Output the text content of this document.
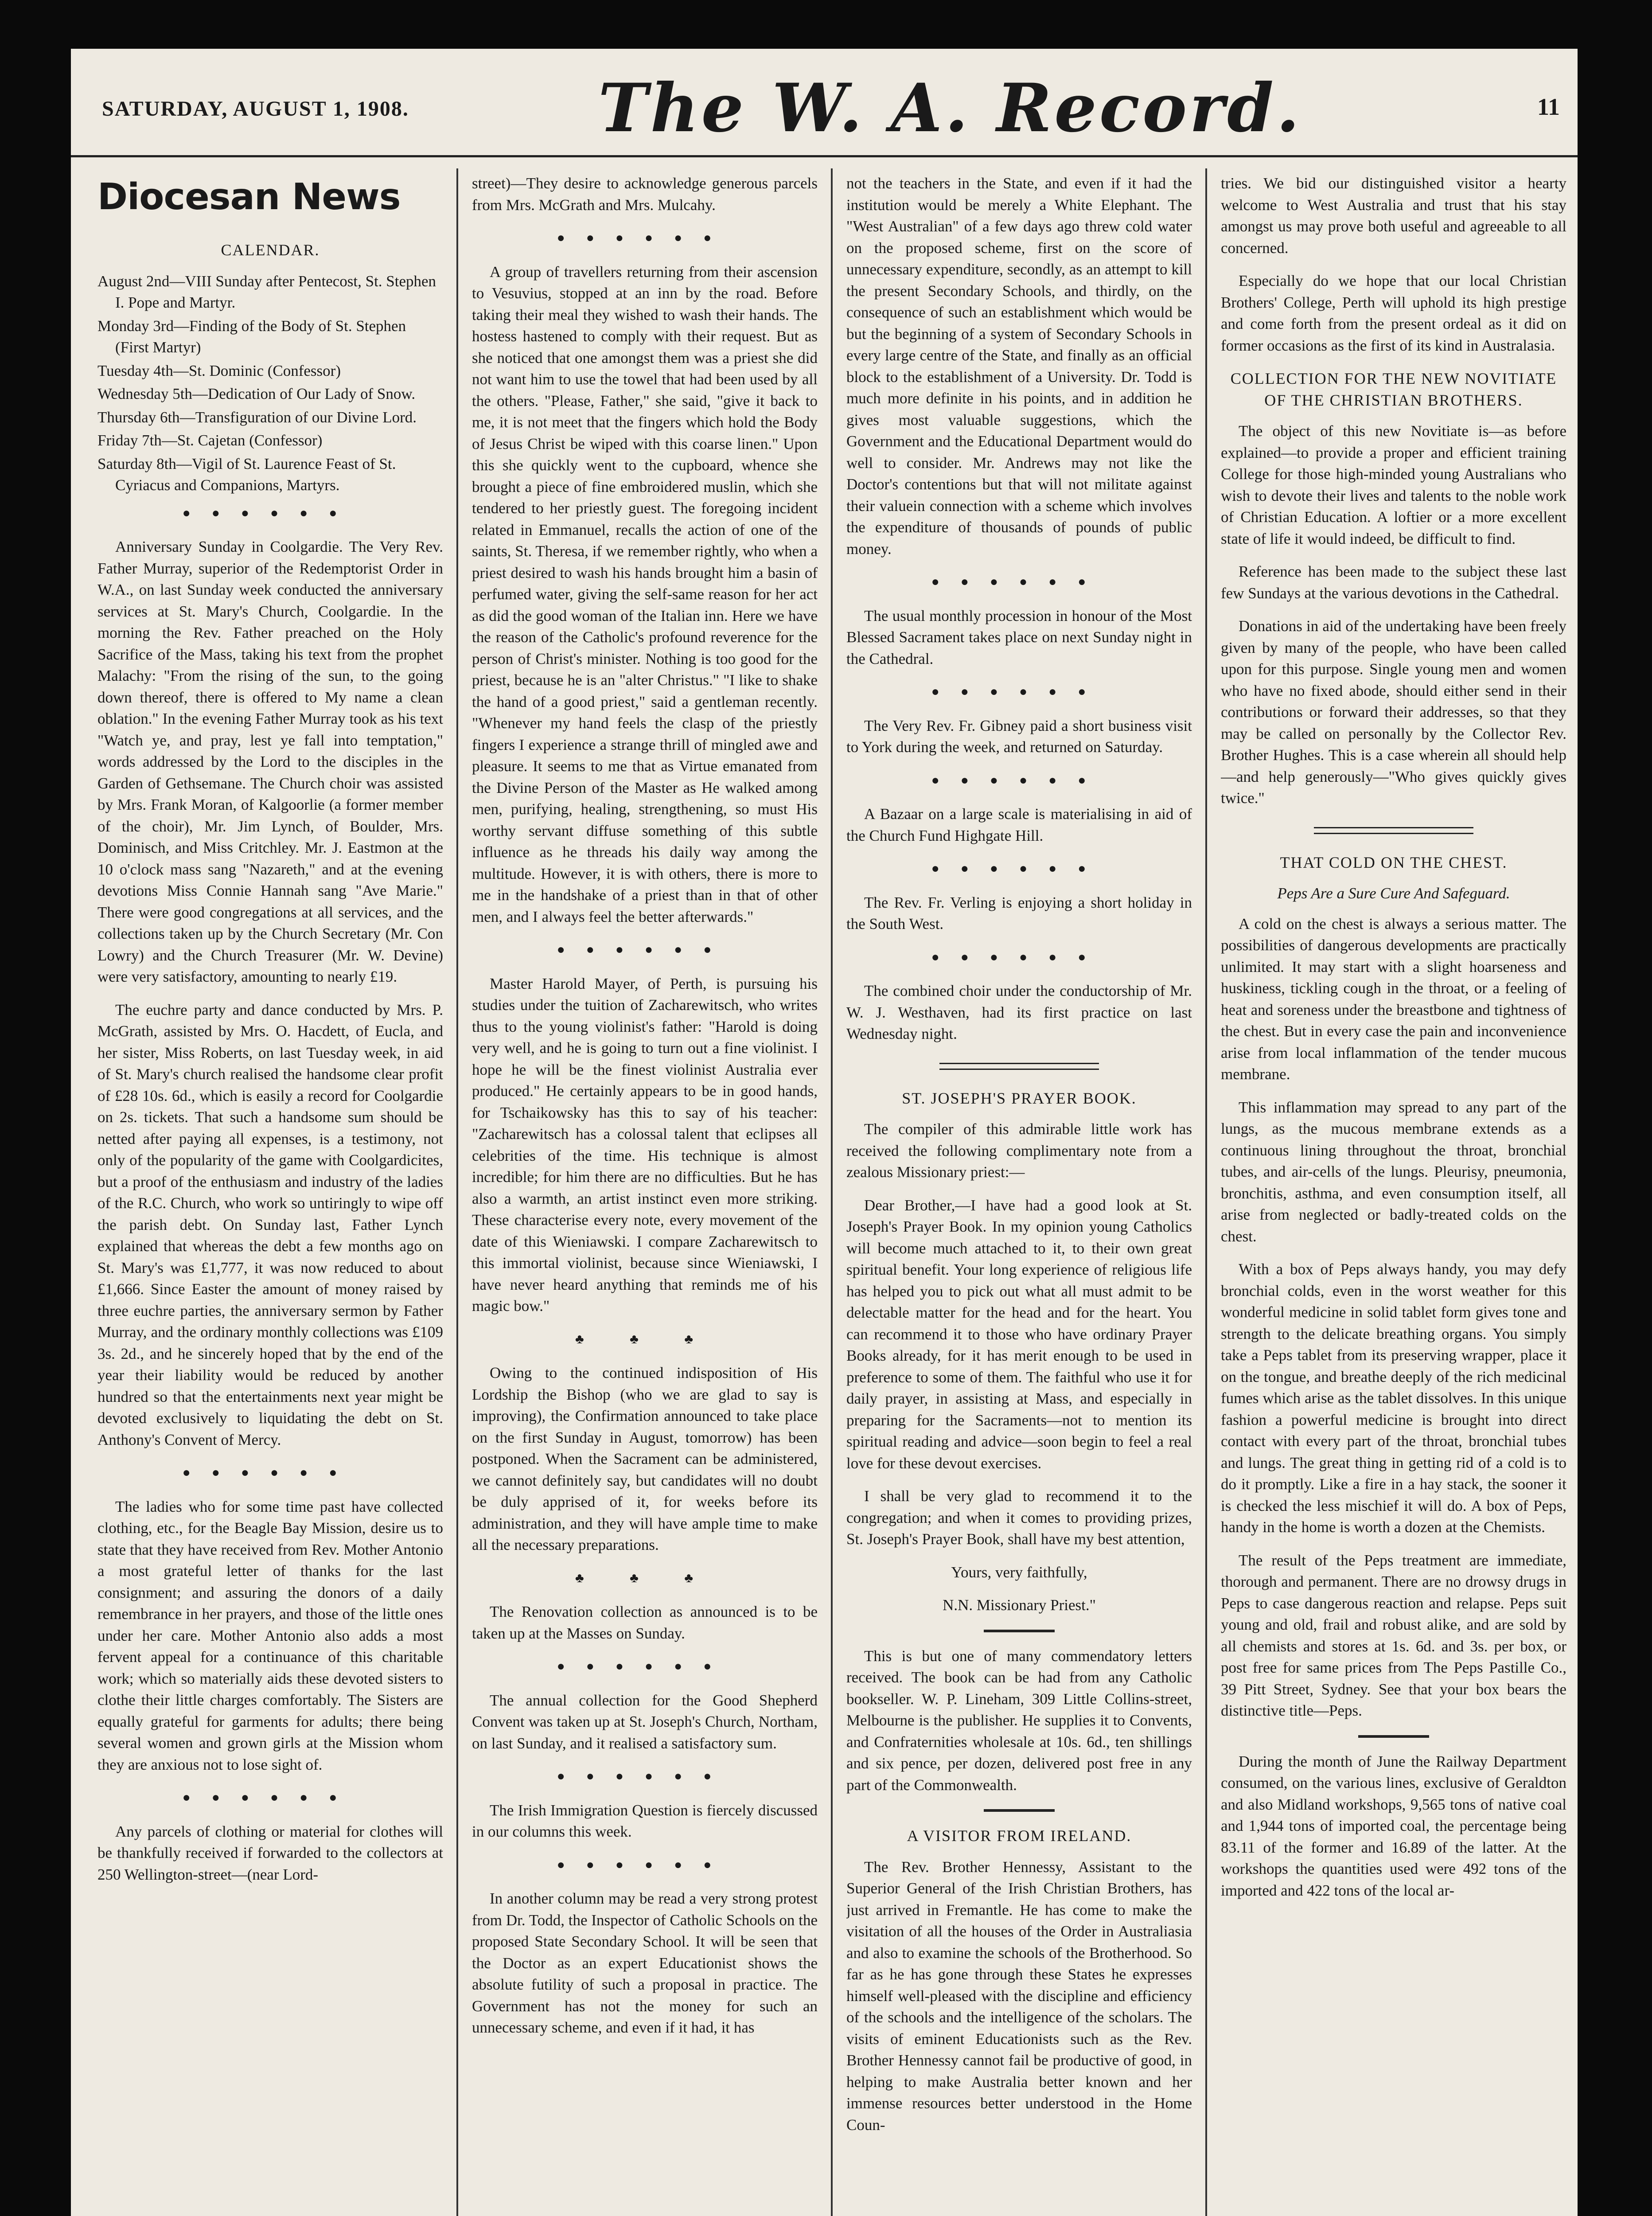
SATURDAY, AUGUST 1, 1908.	The W. A. Record.	11
Diocesan News
CALENDAR.
August 2nd—VIII Sunday after Pentecost, St. Stephen I. Pope and Martyr.
Monday 3rd—Finding of the Body of St. Stephen (First Martyr)
Tuesday 4th—St. Dominic (Confessor)
Wednesday 5th—Dedication of Our Lady of Snow.
Thursday 6th—Transfiguration of our Divine Lord.
Friday 7th—St. Cajetan (Confessor)
Saturday 8th—Vigil of St. Laurence Feast of St. Cyriacus and Companions, Martyrs.
●●●●●●

Anniversary Sunday in Coolgardie. The Very Rev. Father Murray, superior of the Redemptorist Order in W.A., on last Sunday week conducted the anniversary services at St. Mary's Church, Coolgardie. In the morning the Rev. Father preached on the Holy Sacrifice of the Mass, taking his text from the prophet Malachy: "From the rising of the sun, to the going down thereof, there is offered to My name a clean oblation." In the evening Father Murray took as his text "Watch ye, and pray, lest ye fall into temptation," words addressed by the Lord to the disciples in the Garden of Gethsemane. The Church choir was assisted by Mrs. Frank Moran, of Kalgoorlie (a former member of the choir), Mr. Jim Lynch, of Boulder, Mrs. Dominisch, and Miss Critchley. Mr. J. Eastmon at the 10 o'clock mass sang "Nazareth," and at the evening devotions Miss Connie Hannah sang "Ave Marie." There were good congregations at all services, and the collections taken up by the Church Secretary (Mr. Con Lowry) and the Church Treasurer (Mr. W. Devine) were very satisfactory, amounting to nearly £19.

The euchre party and dance conducted by Mrs. P. McGrath, assisted by Mrs. O. Hacdett, of Eucla, and her sister, Miss Roberts, on last Tuesday week, in aid of St. Mary's church realised the handsome clear profit of £28 10s. 6d., which is easily a record for Coolgardie on 2s. tickets. That such a handsome sum should be netted after paying all expenses, is a testimony, not only of the popularity of the game with Coolgardicites, but a proof of the enthusiasm and industry of the ladies of the R.C. Church, who work so untiringly to wipe off the parish debt. On Sunday last, Father Lynch explained that whereas the debt a few months ago on St. Mary's was £1,777, it was now reduced to about £1,666. Since Easter the amount of money raised by three euchre parties, the anniversary sermon by Father Murray, and the ordinary monthly collections was £109 3s. 2d., and he sincerely hoped that by the end of the year their liability would be reduced by another hundred so that the entertainments next year might be devoted exclusively to liquidating the debt on St. Anthony's Convent of Mercy.

●●●●●●

The ladies who for some time past have collected clothing, etc., for the Beagle Bay Mission, desire us to state that they have received from Rev. Mother Antonio a most grateful letter of thanks for the last consignment; and assuring the donors of a daily remembrance in her prayers, and those of the little ones under her care. Mother Antonio also adds a most fervent appeal for a continuance of this charitable work; which so materially aids these devoted sisters to clothe their little charges comfortably. The Sisters are equally grateful for garments for adults; there being several women and grown girls at the Mission whom they are anxious not to lose sight of.

●●●●●●

Any parcels of clothing or material for clothes will be thankfully received if forwarded to the collectors at 250 Wellington-street—(near Lord-

street)—They desire to acknowledge generous parcels from Mrs. McGrath and Mrs. Mulcahy.

●●●●●●

A group of travellers returning from their ascension to Vesuvius, stopped at an inn by the road. Before taking their meal they wished to wash their hands. The hostess hastened to comply with their request. But as she noticed that one amongst them was a priest she did not want him to use the towel that had been used by all the others. "Please, Father," she said, "give it back to me, it is not meet that the fingers which hold the Body of Jesus Christ be wiped with this coarse linen." Upon this she quickly went to the cupboard, whence she brought a piece of fine embroidered muslin, which she tendered to her priestly guest. The foregoing incident related in Emmanuel, recalls the action of one of the saints, St. Theresa, if we remember rightly, who when a priest desired to wash his hands brought him a basin of perfumed water, giving the self-same reason for her act as did the good woman of the Italian inn. Here we have the reason of the Catholic's profound reverence for the person of Christ's minister. Nothing is too good for the priest, because he is an "alter Christus." "I like to shake the hand of a good priest," said a gentleman recently. "Whenever my hand feels the clasp of the priestly fingers I experience a strange thrill of mingled awe and pleasure. It seems to me that as Virtue emanated from the Divine Person of the Master as He walked among men, purifying, healing, strengthening, so must His worthy servant diffuse something of this subtle influence as he threads his daily way among the multitude. However, it is with others, there is more to me in the handshake of a priest than in that of other men, and I always feel the better afterwards."

●●●●●●

Master Harold Mayer, of Perth, is pursuing his studies under the tuition of Zacharewitsch, who writes thus to the young violinist's father: "Harold is doing very well, and he is going to turn out a fine violinist. I hope he will be the finest violinist Australia ever produced." He certainly appears to be in good hands, for Tschaikowsky has this to say of his teacher: "Zacharewitsch has a colossal talent that eclipses all celebrities of the time. His technique is almost incredible; for him there are no difficulties. But he has also a warmth, an artist instinct even more striking. These characterise every note, every movement of the date of this Wieniawski. I compare Zacharewitsch to this immortal violinist, because since Wieniawski, I have never heard anything that reminds me of his magic bow."

♣ ♣ ♣

Owing to the continued indisposition of His Lordship the Bishop (who we are glad to say is improving), the Confirmation announced to take place on the first Sunday in August, tomorrow) has been postponed. When the Sacrament can be administered, we cannot definitely say, but candidates will no doubt be duly apprised of it, for weeks before its administration, and they will have ample time to make all the necessary preparations.

♣ ♣ ♣

The Renovation collection as announced is to be taken up at the Masses on Sunday.

●●●●●●

The annual collection for the Good Shepherd Convent was taken up at St. Joseph's Church, Northam, on last Sunday, and it realised a satisfactory sum.

●●●●●●

The Irish Immigration Question is fiercely discussed in our columns this week.

●●●●●●

In another column may be read a very strong protest from Dr. Todd, the Inspector of Catholic Schools on the proposed State Secondary School. It will be seen that the Doctor as an expert Educationist shows the absolute futility of such a proposal in practice. The Government has not the money for such an unnecessary scheme, and even if it had, it has

not the teachers in the State, and even if it had the institution would be merely a White Elephant. The "West Australian" of a few days ago threw cold water on the proposed scheme, first on the score of unnecessary expenditure, secondly, as an attempt to kill the present Secondary Schools, and thirdly, on the consequence of such an establishment which would be but the beginning of a system of Secondary Schools in every large centre of the State, and finally as an official block to the establishment of a University. Dr. Todd is much more definite in his points, and in addition he gives most valuable suggestions, which the Government and the Educational Department would do well to consider. Mr. Andrews may not like the Doctor's contentions but that will not militate against their valuein connection with a scheme which involves the expenditure of thousands of pounds of public money.

●●●●●●

The usual monthly procession in honour of the Most Blessed Sacrament takes place on next Sunday night in the Cathedral.

●●●●●●

The Very Rev. Fr. Gibney paid a short business visit to York during the week, and returned on Saturday.

●●●●●●

A Bazaar on a large scale is materialising in aid of the Church Fund Highgate Hill.

●●●●●●

The Rev. Fr. Verling is enjoying a short holiday in the South West.

●●●●●●

The combined choir under the conductorship of Mr. W. J. Westhaven, had its first practice on last Wednesday night.

ST. JOSEPH'S PRAYER BOOK.

The compiler of this admirable little work has received the following complimentary note from a zealous Missionary priest:—

Dear Brother,—I have had a good look at St. Joseph's Prayer Book. In my opinion young Catholics will become much attached to it, to their own great spiritual benefit. Your long experience of religious life has helped you to pick out what all must admit to be delectable matter for the head and for the heart. You can recommend it to those who have ordinary Prayer Books already, for it has merit enough to be used in preference to some of them. The faithful who use it for daily prayer, in assisting at Mass, and especially in preparing for the Sacraments—not to mention its spiritual reading and advice—soon begin to feel a real love for these devout exercises.

I shall be very glad to recommend it to the congregation; and when it comes to providing prizes, St. Joseph's Prayer Book, shall have my best attention,

Yours, very faithfully,
N.N. Missionary Priest."

This is but one of many commendatory letters received. The book can be had from any Catholic bookseller. W. P. Lineham, 309 Little Collins-street, Melbourne is the publisher. He supplies it to Convents, and Confraternities wholesale at 10s. 6d., ten shillings and six pence, per dozen, delivered post free in any part of the Commonwealth.

A VISITOR FROM IRELAND.

The Rev. Brother Hennessy, Assistant to the Superior General of the Irish Christian Brothers, has just arrived in Fremantle. He has come to make the visitation of all the houses of the Order in Australiasia and also to examine the schools of the Brotherhood. So far as he has gone through these States he expresses himself well-pleased with the discipline and efficiency of the schools and the intelligence of the scholars. The visits of eminent Educationists such as the Rev. Brother Hennessy cannot fail be productive of good, in helping to make Australia better known and her immense resources better understood in the Home Coun-

tries. We bid our distinguished visitor a hearty welcome to West Australia and trust that his stay amongst us may prove both useful and agreeable to all concerned.

Especially do we hope that our local Christian Brothers' College, Perth will uphold its high prestige and come forth from the present ordeal as it did on former occasions as the first of its kind in Australasia.

COLLECTION FOR THE NEW NOVITIATE OF THE CHRISTIAN BROTHERS.

The object of this new Novitiate is—as before explained—to provide a proper and efficient training College for those high-minded young Australians who wish to devote their lives and talents to the noble work of Christian Education. A loftier or a more excellent state of life it would indeed, be difficult to find.

Reference has been made to the subject these last few Sundays at the various devotions in the Cathedral.

Donations in aid of the undertaking have been freely given by many of the people, who have been called upon for this purpose. Single young men and women who have no fixed abode, should either send in their contributions or forward their addresses, so that they may be called on personally by the Collector Rev. Brother Hughes. This is a case wherein all should help—and help generously—"Who gives quickly gives twice."

THAT COLD ON THE CHEST.
Peps Are a Sure Cure And Safeguard.

A cold on the chest is always a serious matter. The possibilities of dangerous developments are practically unlimited. It may start with a slight hoarseness and huskiness, tickling cough in the throat, or a feeling of heat and soreness under the breastbone and tightness of the chest. But in every case the pain and inconvenience arise from local inflammation of the tender mucous membrane.

This inflammation may spread to any part of the lungs, as the mucous membrane extends as a continuous lining throughout the throat, bronchial tubes, and air-cells of the lungs. Pleurisy, pneumonia, bronchitis, asthma, and even consumption itself, all arise from neglected or badly-treated colds on the chest.

With a box of Peps always handy, you may defy bronchial colds, even in the worst weather for this wonderful medicine in solid tablet form gives tone and strength to the delicate breathing organs. You simply take a Peps tablet from its preserving wrapper, place it on the tongue, and breathe deeply of the rich medicinal fumes which arise as the tablet dissolves. In this unique fashion a powerful medicine is brought into direct contact with every part of the throat, bronchial tubes and lungs. The great thing in getting rid of a cold is to do it promptly. Like a fire in a hay stack, the sooner it is checked the less mischief it will do. A box of Peps, handy in the home is worth a dozen at the Chemists.

The result of the Peps treatment are immediate, thorough and permanent. There are no drowsy drugs in Peps to case dangerous reaction and relapse. Peps suit young and old, frail and robust alike, and are sold by all chemists and stores at 1s. 6d. and 3s. per box, or post free for same prices from The Peps Pastille Co., 39 Pitt Street, Sydney. See that your box bears the distinctive title—Peps.

During the month of June the Railway Department consumed, on the various lines, exclusive of Geraldton and also Midland workshops, 9,565 tons of native coal and 1,944 tons of imported coal, the percentage being 83.11 of the former and 16.89 of the latter. At the workshops the quantities used were 492 tons of the imported and 422 tons of the local ar-
